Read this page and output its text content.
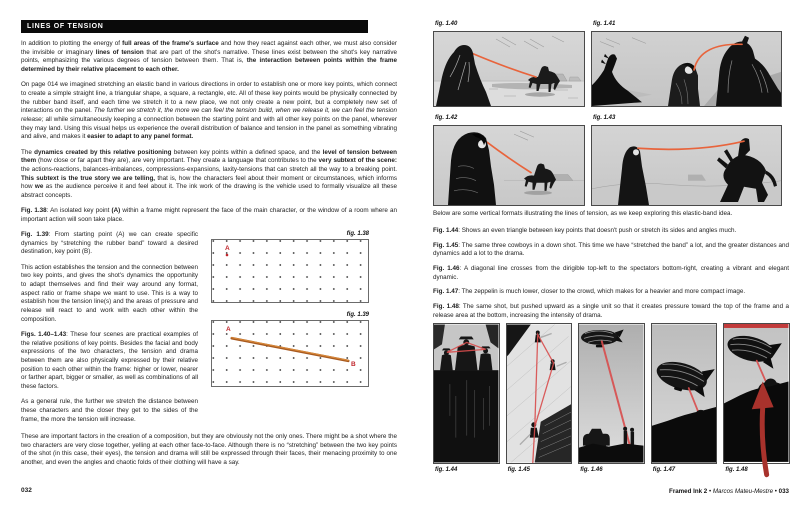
LINES OF TENSION

In addition to plotting the energy of full areas of the frame's surface and how they react against each other, we must also consider the invisible or imaginary lines of tension that are part of the shot's narrative. These lines exist between the shot's key narrative points, emphasizing the various degrees of tension between them. That is, the interaction between points within the frame determined by their relative placement to each other.

On page 014 we imagined stretching an elastic band in various directions in order to establish one or more key points, which connect to create a simple straight line, a triangular shape, a square, a rectangle, etc. All of these key points would be physically connected by the rubber band itself, and each time we stretch it to a new place, we not only create a new point, but a completely new set of interactions on the panel. The further we stretch it, the more we can feel the tension build, when we release it, we can feel the tension release; all while simultaneously keeping a connection between the starting point and with all other key points on the panel, wherever they may land. Using this visual helps us experience the overall distribution of balance and tension in the panel as something vibrating and alive, and makes it easier to adapt to any panel format.

The dynamics created by this relative positioning between key points within a defined space, and the level of tension between them (how close or far apart they are), are very important. They create a language that contributes to the very subtext of the scene: the actions-reactions, balances-imbalances, compressions-expansions, laxity-tensions that can stretch all the way to a breaking point. This subtext is the true story we are telling, that is, how the characters feel about their moment or circumstances, which informs how we as the audience perceive it and feel about it. The ink work of the drawing is the vehicle used to formally visualize all these abstract concepts.

Fig. 1.38: An isolated key point (A) within a frame might represent the face of the main character, or the window of a room where an important action will soon take place.

Fig. 1.39: From starting point (A) we can create specific dynamics by “stretching the rubber band” toward a desired destination, key point (B).

This action establishes the tension and the connection between two key points, and gives the shot's dynamics the opportunity to adapt themselves and find their way around any format, aspect ratio or frame shape we want to use. This is a way to establish how the tension line(s) and the areas of pressure and release will react to and work with each other within the composition.

Figs. 1.40–1.43: These four scenes are practical examples of the relative positions of key points. Besides the facial and body expressions of the two characters, the tension and drama between them are also physically expressed by their relative position to each other within the frame: higher or lower, nearer or farther apart, bigger or smaller, as well as combinations of all these factors.

As a general rule, the further we stretch the distance between these characters and the closer they get to the sides of the frame, the more the tension will increase.

fig. 1.38
A
fig. 1.39
A
B

These are important factors in the creation of a composition, but they are obviously not the only ones. There might be a shot where the two characters are very close together, yelling at each other face-to-face. Although there is no “stretching” between the two key points of the shot (in this case, their eyes), the tension and drama will still be expressed through their faces, their menacing proximity to one another, and even the angles and chaotic folds of their clothing will have a say.

032
fig. 1.40	fig. 1.41
fig. 1.42	fig. 1.43
Below are some vertical formats illustrating the lines of tension, as we keep exploring this elastic-band idea.

Fig. 1.44: Shows an even triangle between key points that doesn't push or stretch its sides and angles much.

Fig. 1.45: The same three cowboys in a down shot. This time we have “stretched the band” a lot, and the greater distances and dynamics add a lot to the drama.

Fig. 1.46: A diagonal line crosses from the dirigible top-left to the spectators bottom-right, creating a vibrant and elegant dynamic.

Fig. 1.47: The zeppelin is much lower, closer to the crowd, which makes for a heavier and more compact image.

Fig. 1.48: The same shot, but pushed upward as a single unit so that it creates pressure toward the top of the frame and a release area at the bottom, increasing the intensity of drama.

fig. 1.44	fig. 1.45	fig. 1.46	fig. 1.47	fig. 1.48
Framed Ink 2 • Marcos Mateu-Mestre • 033
